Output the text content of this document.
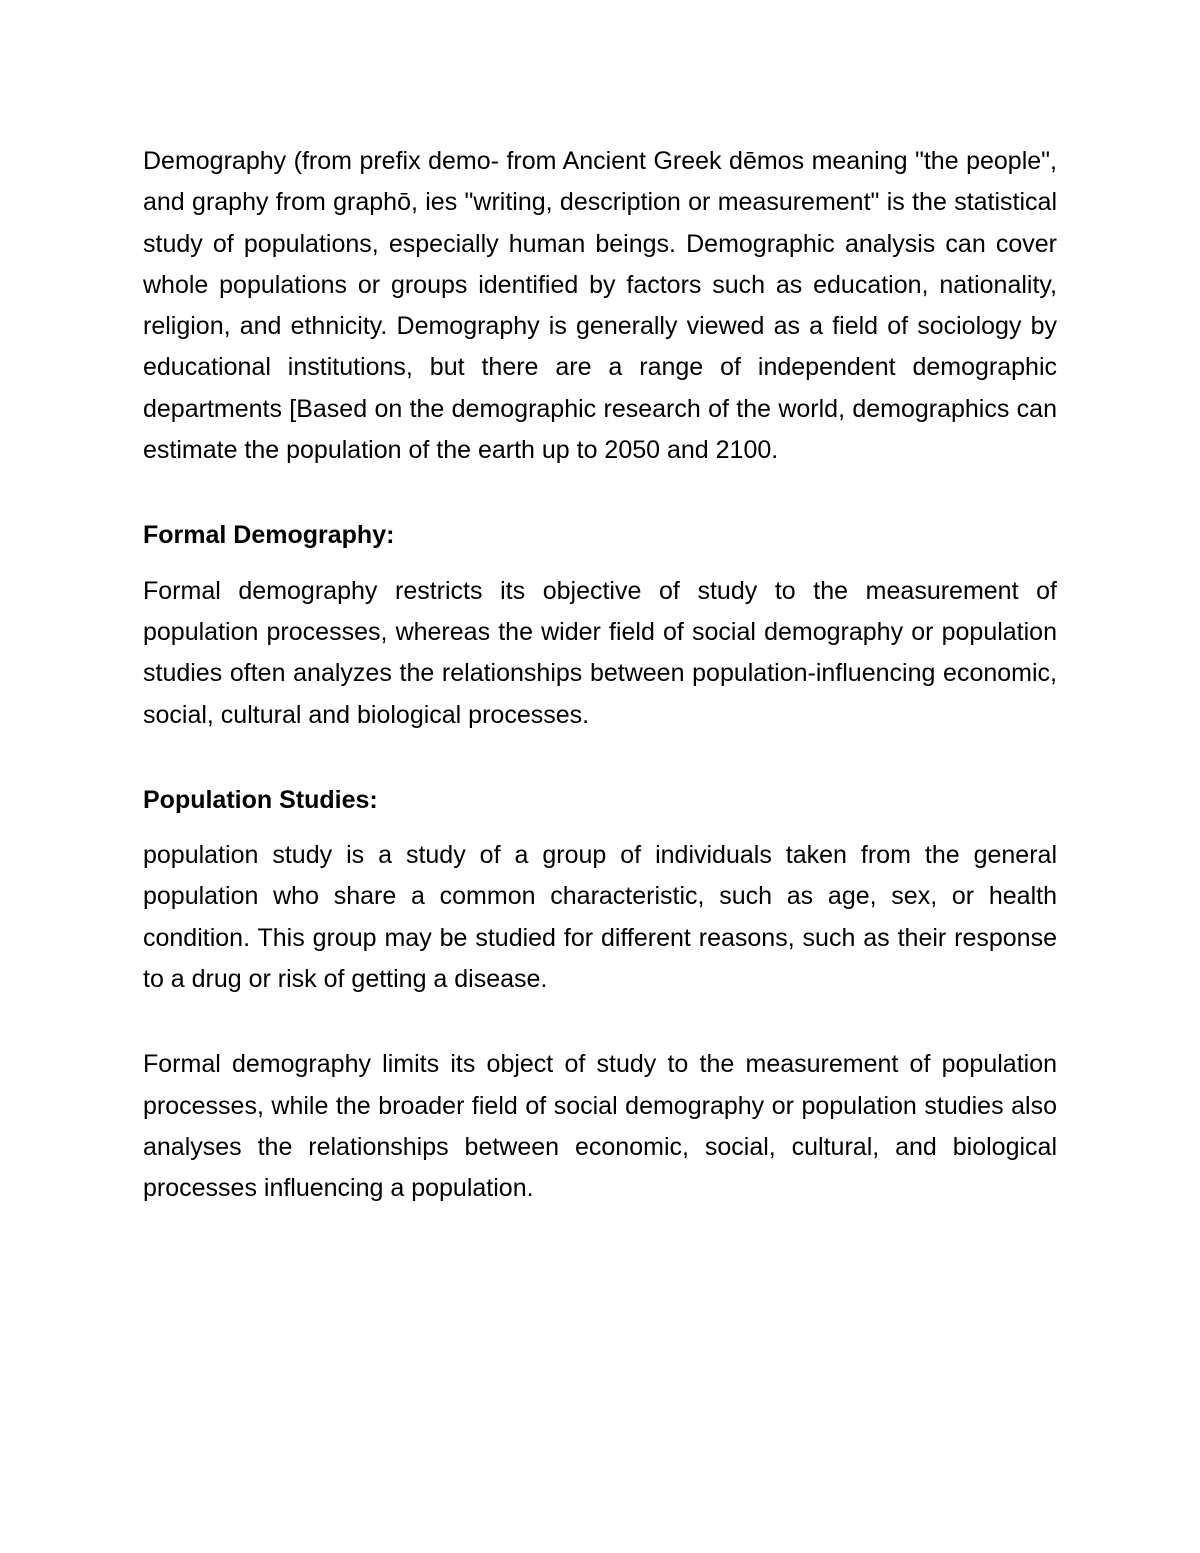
Demography (from prefix demo- from Ancient Greek dēmos meaning "the people", and graphy from graphō, ies "writing, description or measurement" is the statistical study of populations, especially human beings. Demographic analysis can cover whole populations or groups identified by factors such as education, nationality, religion, and ethnicity. Demography is generally viewed as a field of sociology by educational institutions, but there are a range of independent demographic departments [Based on the demographic research of the world, demographics can estimate the population of the earth up to 2050 and 2100.

Formal Demography:

Formal demography restricts its objective of study to the measurement of population processes, whereas the wider field of social demography or population studies often analyzes the relationships between population-influencing economic, social, cultural and biological processes.

Population Studies:

population study is a study of a group of individuals taken from the general population who share a common characteristic, such as age, sex, or health condition. This group may be studied for different reasons, such as their response to a drug or risk of getting a disease.

Formal demography limits its object of study to the measurement of population processes, while the broader field of social demography or population studies also analyses the relationships between economic, social, cultural, and biological processes influencing a population.
